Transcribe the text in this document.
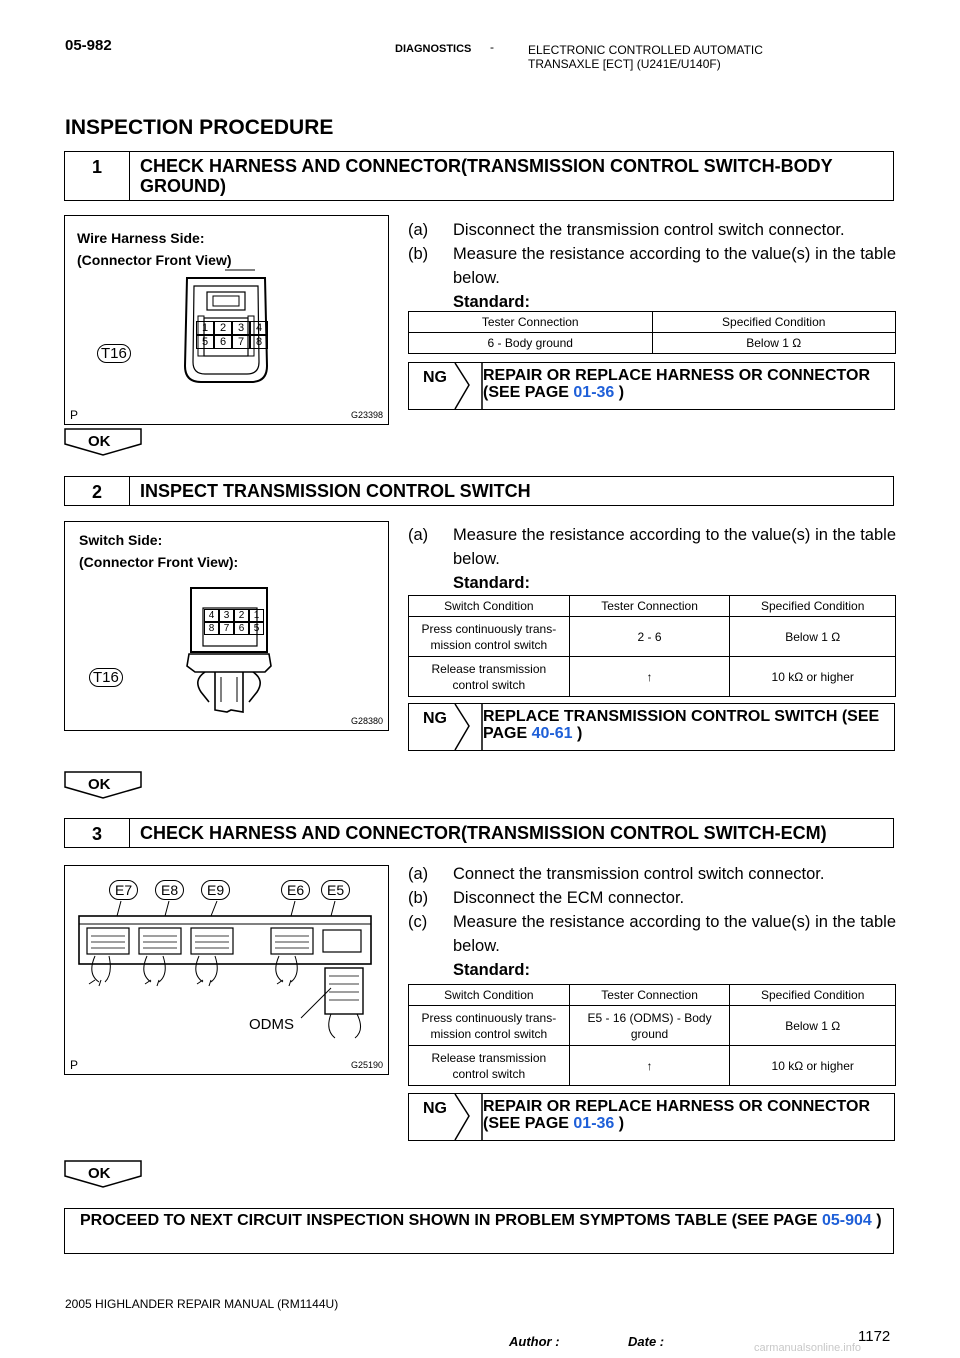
05-982	-
DIAGNOSTICS	ELECTRONIC CONTROLLED AUTOMATIC
TRANSAXLE [ECT] (U241E/U140F)
INSPECTION PROCEDURE
1	CHECK HARNESS AND CONNECTOR(TRANSMISSION CONTROL SWITCH-BODY GROUND)
Wire Harness Side:
(Connector Front View)
1	2	3	4
5	6	7	8
T16
P	G23398
(a)	Disconnect the transmission control switch connector.
(b)	Measure the resistance according to the value(s) in the table below.
Standard:
Tester Connection	Specified Condition
6 - Body ground	Below 1 Ω
NG REPAIR OR REPLACE HARNESS OR CONNECTOR (SEE PAGE 01-36 )
OK
2	INSPECT TRANSMISSION CONTROL SWITCH
Switch Side:
(Connector Front View):
4 3 2 1
8 7 6 5
T16
G28380
(a)	Measure the resistance according to the value(s) in the table below.
Standard:
Switch Condition	Tester Connection	Specified Condition
Press continuously trans-mission control switch	2 - 6	Below 1 Ω
Release transmission control switch	↑	10 kΩ or higher
NG REPLACE TRANSMISSION CONTROL SWITCH (SEE PAGE 40-61 )
OK
3	CHECK HARNESS AND CONNECTOR(TRANSMISSION CONTROL SWITCH-ECM)
E7	E8	E9	E6	E5
ODMS
P	G25190
(a)	Connect the transmission control switch connector.
(b)	Disconnect the ECM connector.
(c)	Measure the resistance according to the value(s) in the table below.
Standard:
Switch Condition	Tester Connection	Specified Condition
Press continuously trans-mission control switch	E5 - 16 (ODMS) - Body ground	Below 1 Ω
Release transmission control switch	↑	10 kΩ or higher
NG REPAIR OR REPLACE HARNESS OR CONNECTOR (SEE PAGE 01-36 )
OK
PROCEED TO NEXT CIRCUIT INSPECTION SHOWN IN PROBLEM SYMPTOMS TABLE (SEE PAGE 05-904 )
2005 HIGHLANDER REPAIR MANUAL (RM1144U)
1172
Author :	Date :	carmanualsonline.info
